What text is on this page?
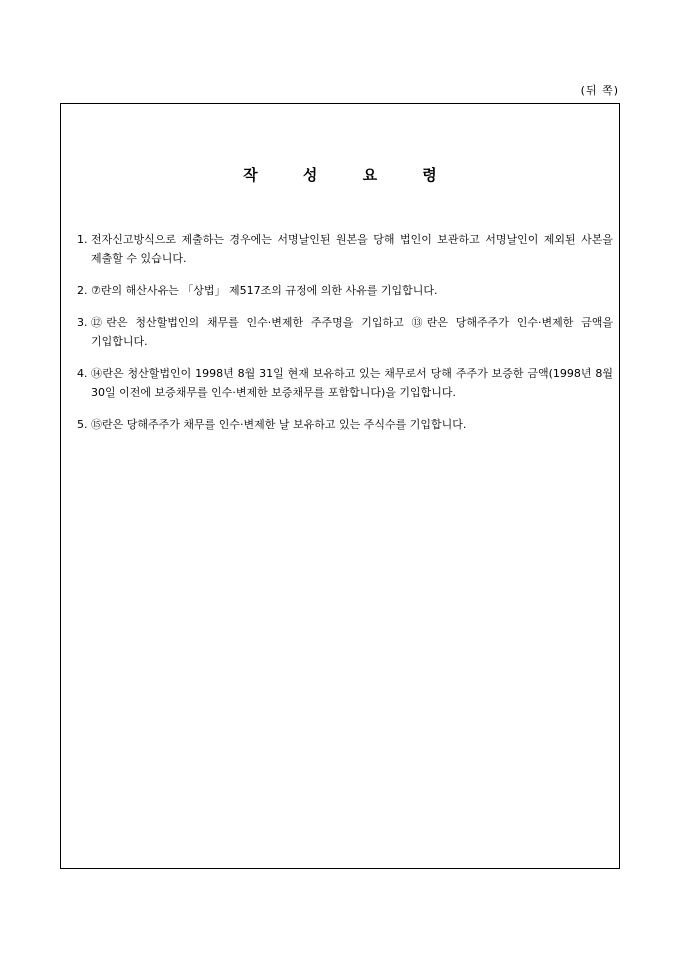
(뒤 쪽)
작 성 요 령
1. 전자신고방식으로 제출하는 경우에는 서명날인된 원본을 당해 법인이 보관하고 서명날인이 제외된 사본을 제출할 수 있습니다.
2. ⑦란의 해산사유는 「상법」 제517조의 규정에 의한 사유를 기입합니다.
3. ⑫란은 청산할법인의 채무를 인수·변제한 주주명을 기입하고 ⑬란은 당해주주가 인수·변제한 금액을 기입합니다.
4. ⑭란은 청산할법인이 1998년 8월 31일 현재 보유하고 있는 채무로서 당해 주주가 보증한 금액(1998년 8월 30일 이전에 보증채무를 인수·변제한 보증채무를 포함합니다)을 기입합니다.
5. ⑮란은 당해주주가 채무를 인수·변제한 날 보유하고 있는 주식수를 기입합니다.
